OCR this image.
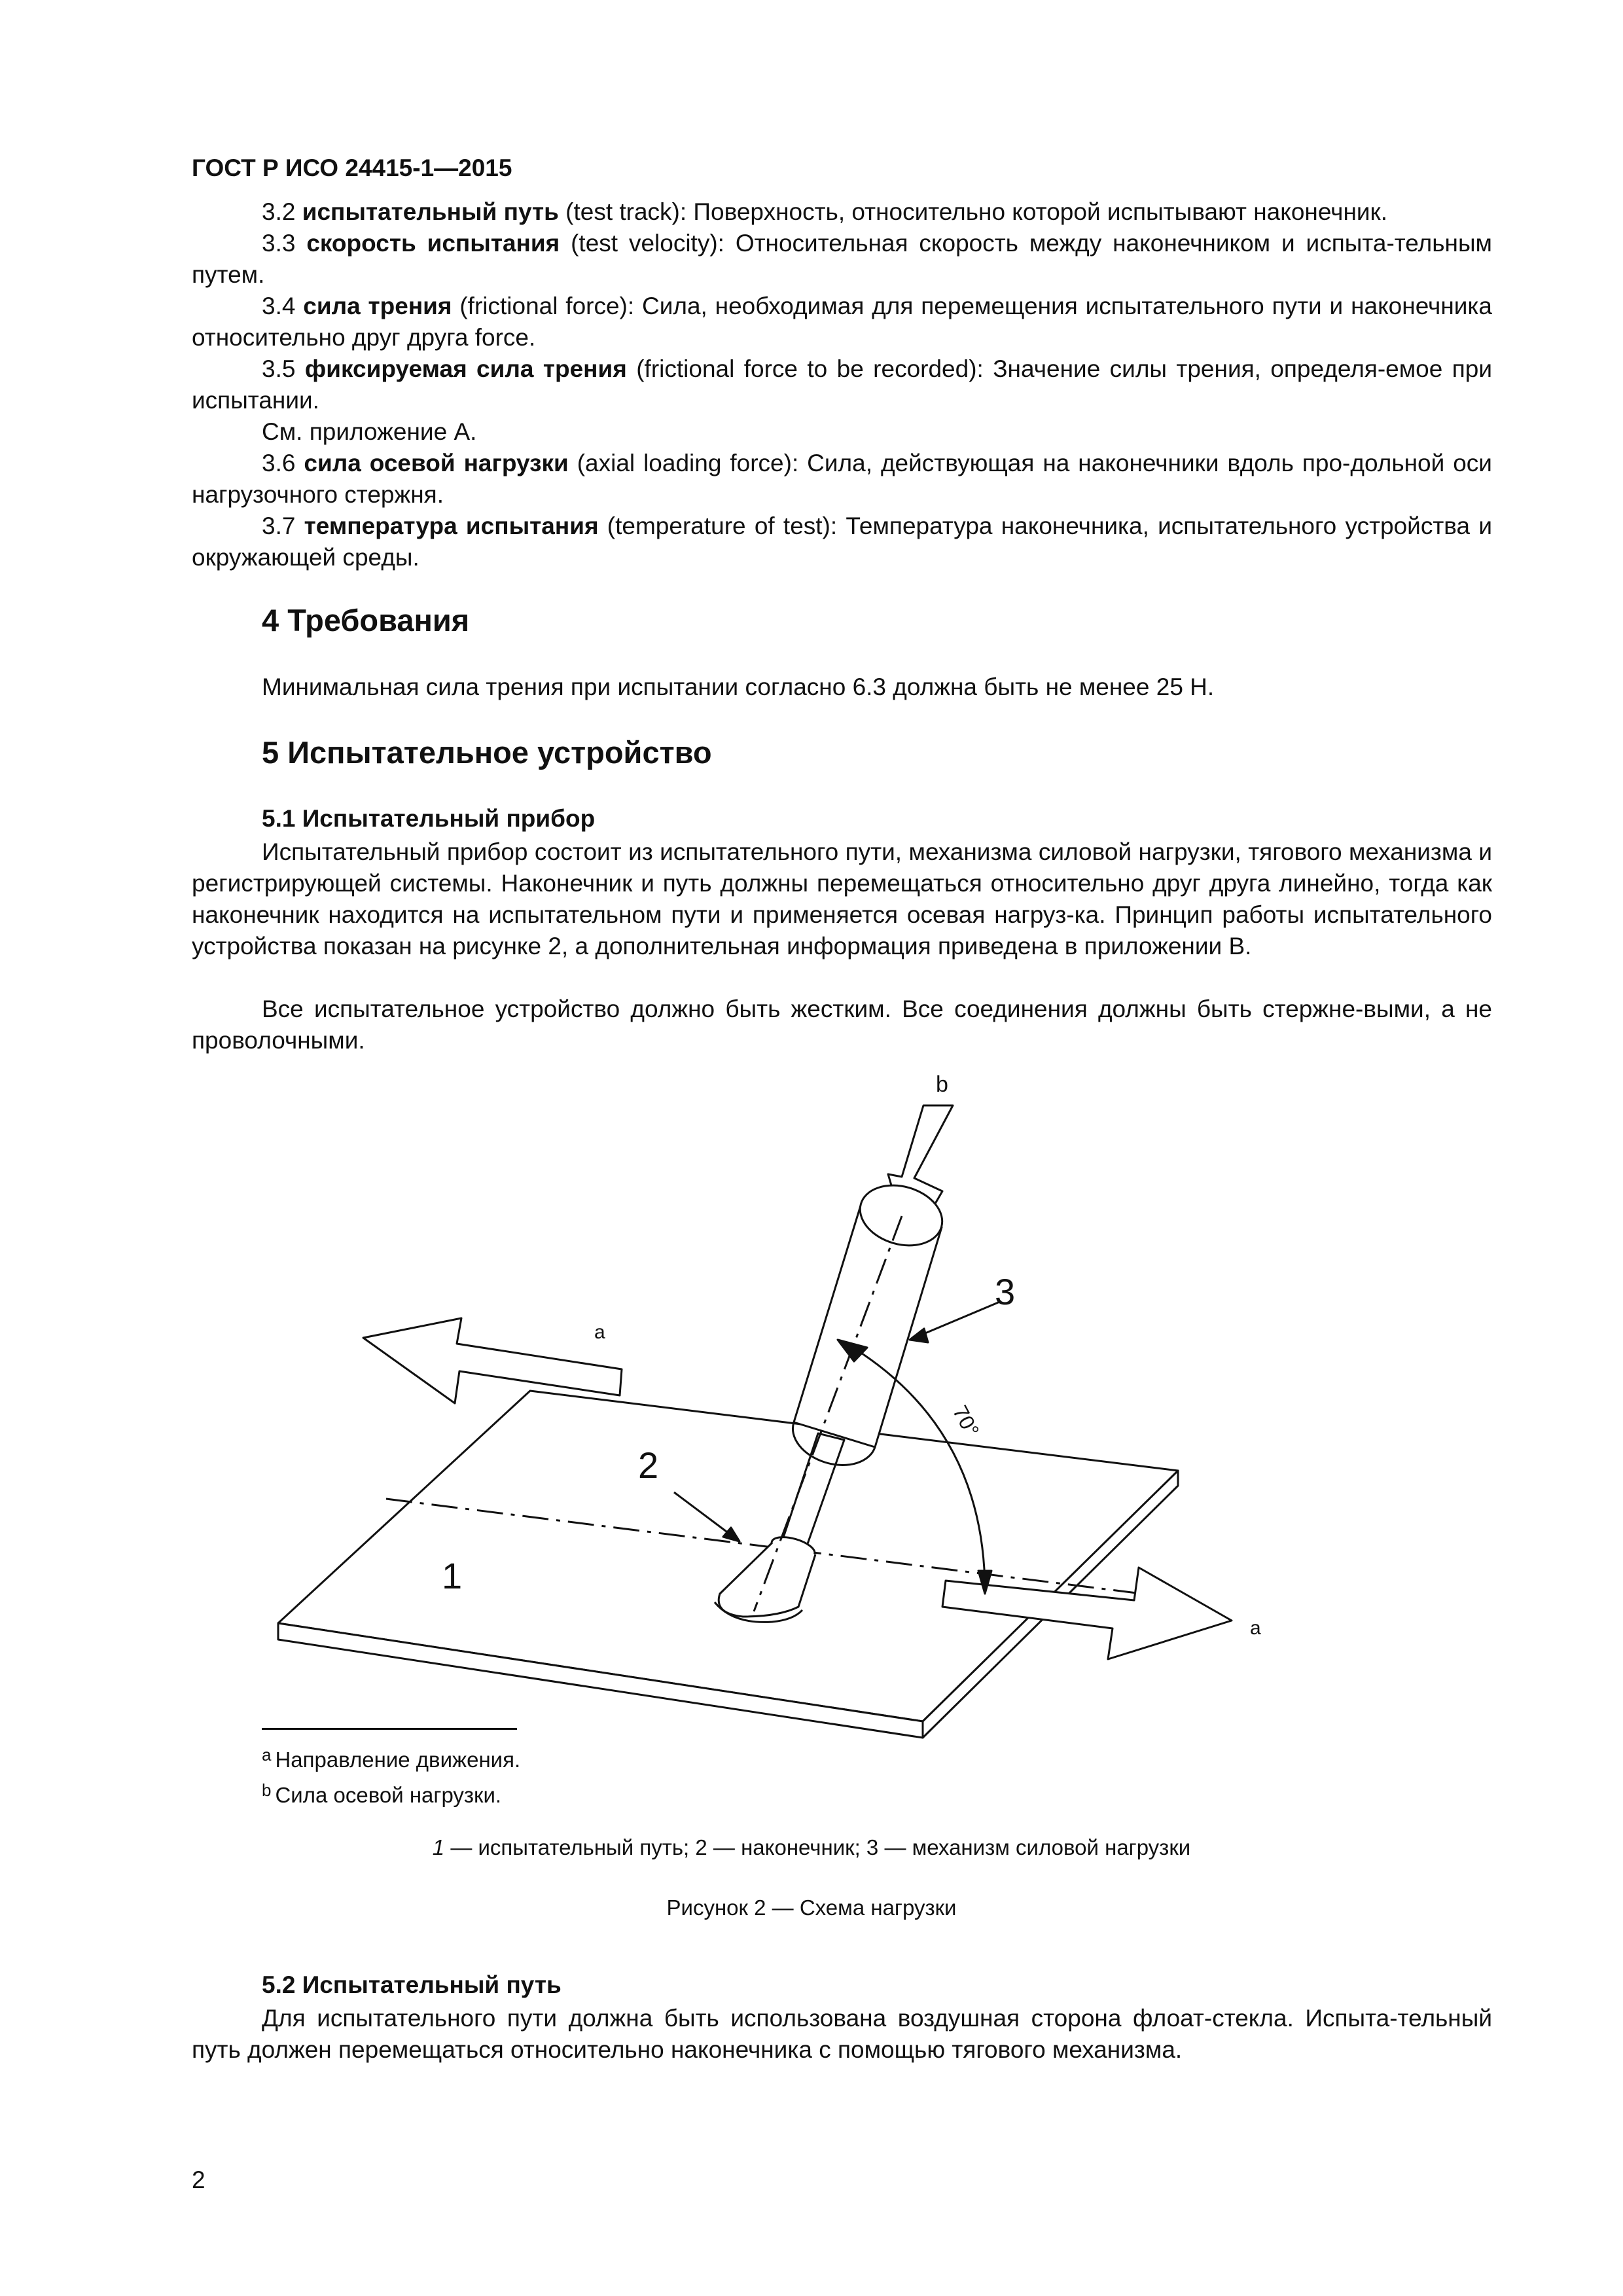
ГОСТ Р ИСО 24415-1—2015

3.2 испытательный путь (test track): Поверхность, относительно которой испытывают наконечник.

3.3 скорость испытания (test velocity): Относительная скорость между наконечником и испыта-тельным путем.

3.4 сила трения (frictional force): Сила, необходимая для перемещения испытательного пути и наконечника относительно друг друга force.

3.5 фиксируемая сила трения (frictional force to be recorded): Значение силы трения, определя-емое при испытании.

См. приложение А.

3.6 сила осевой нагрузки (axial loading force): Сила, действующая на наконечники вдоль про-дольной оси нагрузочного стержня.

3.7 температура испытания (temperature of test): Температура наконечника, испытательного устройства и окружающей среды.

4 Требования

Минимальная сила трения при испытании согласно 6.3 должна быть не менее 25 Н.

5 Испытательное устройство
5.1 Испытательный прибор

Испытательный прибор состоит из испытательного пути, механизма силовой нагрузки, тягового механизма и регистрирующей системы. Наконечник и путь должны перемещаться относительно друг друга линейно, тогда как наконечник находится на испытательном пути и применяется осевая нагруз-ка. Принцип работы испытательного устройства показан на рисунке 2, а дополнительная информация приведена в приложении В.

Все испытательное устройство должно быть жестким. Все соединения должны быть стержне-выми, а не проволочными.

1
2
3
70°
a
a
b
$^a$ Направление движения.
$^b$ Сила осевой нагрузки.
1 — испытательный путь; 2 — наконечник; 3 — механизм силовой нагрузки
Рисунок 2 — Схема нагрузки
5.2 Испытательный путь

Для испытательного пути должна быть использована воздушная сторона флоат-стекла. Испыта-тельный путь должен перемещаться относительно наконечника с помощью тягового механизма.

2
